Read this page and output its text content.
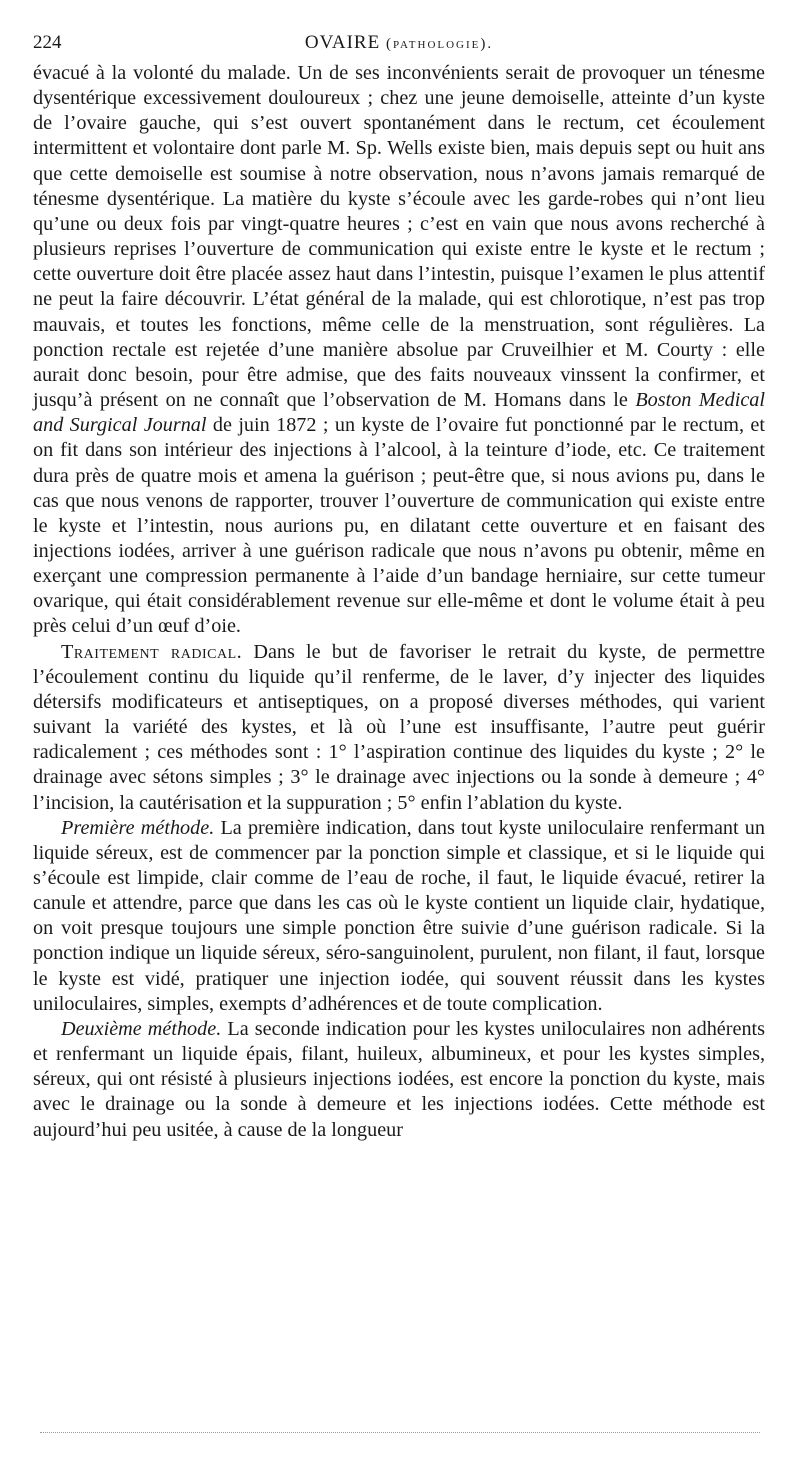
224	OVAIRE (pathologie).

évacué à la volonté du malade. Un de ses inconvénients serait de provoquer un ténesme dysentérique excessivement douloureux ; chez une jeune demoiselle, atteinte d’un kyste de l’ovaire gauche, qui s’est ouvert spontanément dans le rectum, cet écoulement intermittent et volontaire dont parle M. Sp. Wells existe bien, mais depuis sept ou huit ans que cette demoiselle est soumise à notre observation, nous n’avons jamais remarqué de ténesme dysentérique. La matière du kyste s’écoule avec les garde-robes qui n’ont lieu qu’une ou deux fois par vingt-quatre heures ; c’est en vain que nous avons recherché à plusieurs reprises l’ouverture de communication qui existe entre le kyste et le rectum ; cette ouverture doit être placée assez haut dans l’intestin, puisque l’examen le plus attentif ne peut la faire découvrir. L’état général de la malade, qui est chlorotique, n’est pas trop mauvais, et toutes les fonctions, même celle de la menstruation, sont régulières. La ponction rectale est rejetée d’une manière absolue par Cruveilhier et M. Courty : elle aurait donc besoin, pour être admise, que des faits nouveaux vinssent la confirmer, et jusqu’à présent on ne connaît que l’observation de M. Homans dans le Boston Medical and Surgical Journal de juin 1872 ; un kyste de l’ovaire fut ponctionné par le rectum, et on fit dans son intérieur des injections à l’alcool, à la teinture d’iode, etc. Ce traitement dura près de quatre mois et amena la guérison ; peut-être que, si nous avions pu, dans le cas que nous venons de rapporter, trouver l’ouverture de communication qui existe entre le kyste et l’intestin, nous aurions pu, en dilatant cette ouverture et en faisant des injections iodées, arriver à une guérison radicale que nous n’avons pu obtenir, même en exerçant une compression permanente à l’aide d’un bandage herniaire, sur cette tumeur ovarique, qui était considérablement revenue sur elle-même et dont le volume était à peu près celui d’un œuf d’oie.

Traitement radical. Dans le but de favoriser le retrait du kyste, de permettre l’écoulement continu du liquide qu’il renferme, de le laver, d’y injecter des liquides détersifs modificateurs et antiseptiques, on a proposé diverses méthodes, qui varient suivant la variété des kystes, et là où l’une est insuffisante, l’autre peut guérir radicalement ; ces méthodes sont : 1° l’aspiration continue des liquides du kyste ; 2° le drainage avec sétons simples ; 3° le drainage avec injections ou la sonde à demeure ; 4° l’incision, la cautérisation et la suppuration ; 5° enfin l’ablation du kyste.

Première méthode. La première indication, dans tout kyste uniloculaire renfermant un liquide séreux, est de commencer par la ponction simple et classique, et si le liquide qui s’écoule est limpide, clair comme de l’eau de roche, il faut, le liquide évacué, retirer la canule et attendre, parce que dans les cas où le kyste contient un liquide clair, hydatique, on voit presque toujours une simple ponction être suivie d’une guérison radicale. Si la ponction indique un liquide séreux, séro-sanguinolent, purulent, non filant, il faut, lorsque le kyste est vidé, pratiquer une injection iodée, qui souvent réussit dans les kystes uniloculaires, simples, exempts d’adhérences et de toute complication.

Deuxième méthode. La seconde indication pour les kystes uniloculaires non adhérents et renfermant un liquide épais, filant, huileux, albumineux, et pour les kystes simples, séreux, qui ont résisté à plusieurs injections iodées, est encore la ponction du kyste, mais avec le drainage ou la sonde à demeure et les injections iodées. Cette méthode est aujourd’hui peu usitée, à cause de la longueur
